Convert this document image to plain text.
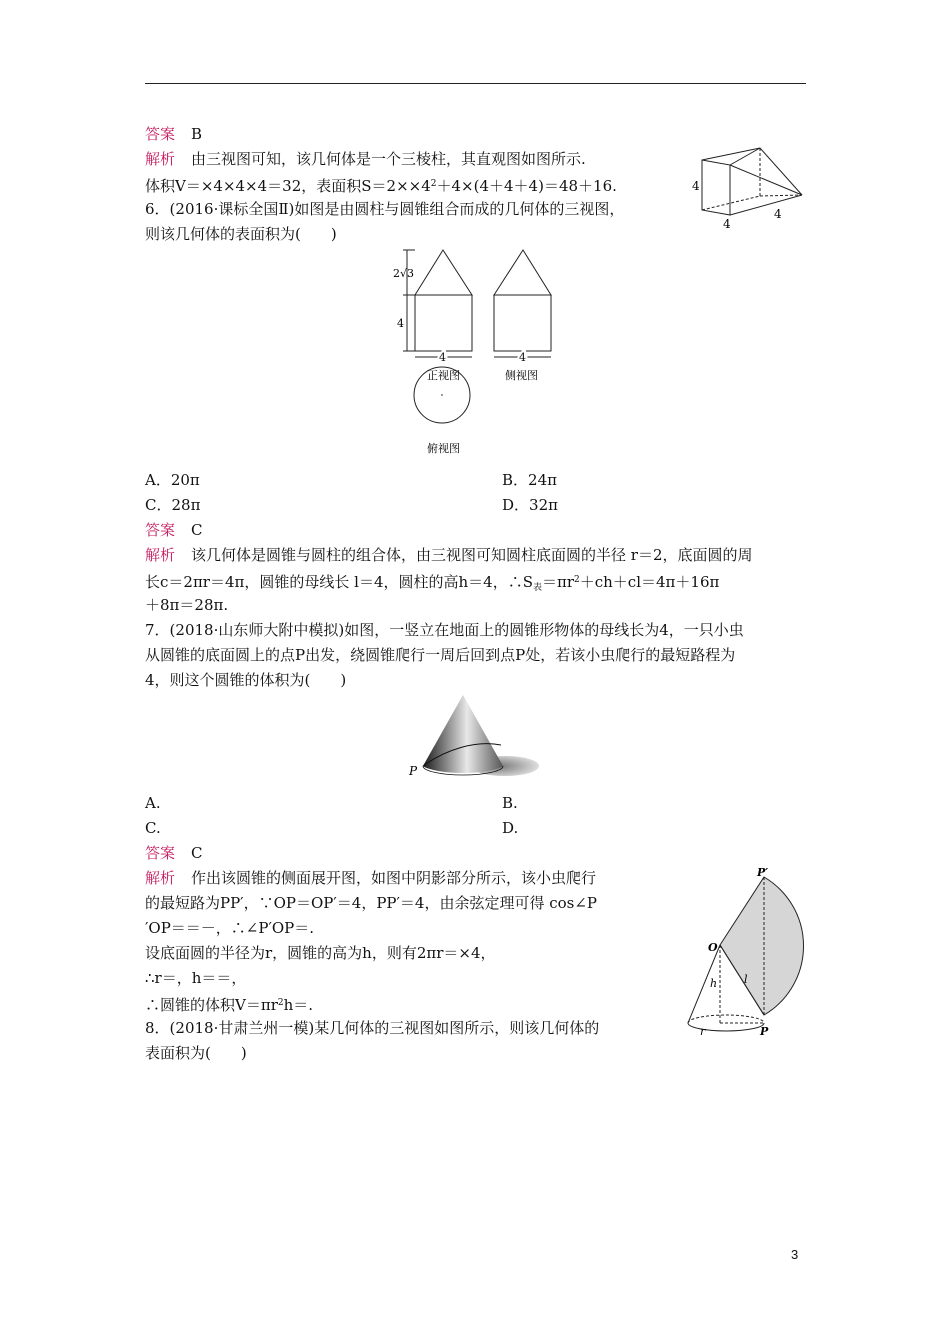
答案 B
解析 由三视图可知，该几何体是一个三棱柱，其直观图如图所示.
体积V＝×4×4×4＝32，表面积$S=2\times\times 4^2+4\times(4+4+4)=48+16$.	4
4
4
6．(2016·课标全国Ⅱ)如图是由圆柱与圆锥组合而成的几何体的三视图，
则该几何体的表面积为(　　)
2√3
4
4	4
正视图	侧视图
俯视图
A．20π	B．24π
C．28π	D．32π
答案 C
解析 该几何体是圆锥与圆柱的组合体，由三视图可知圆柱底面圆的半径 r＝2，底面圆的周
长c＝2πr＝4π，圆锥的母线长 l＝4，圆柱的高h＝4，$\therefore S_表=\pi r^2+ch+cl=4\pi+16\pi$
＋8π＝28π.
7．(2018·山东师大附中模拟)如图，一竖立在地面上的圆锥形物体的母线长为4，一只小虫
从圆锥的底面圆上的点P出发，绕圆锥爬行一周后回到点P处，若该小虫爬行的最短路程为
4，则这个圆锥的体积为(　　)
P
A.	B.
C.	D.
答案 C
解析 作出该圆锥的侧面展开图，如图中阴影部分所示，该小虫爬行
的最短路为PP′，∵OP＝OP′＝4，PP′＝4，由余弦定理可得 cos∠P
′OP＝＝－，∴∠P′OP＝.
设底面圆的半径为r，圆锥的高为h，则有2πr＝×4，
∴r＝，h＝＝，
∴圆锥的体积$V=\pi r^2h=$.
P′
O
h l
r	P
8．(2018·甘肃兰州一模)某几何体的三视图如图所示，则该几何体的
表面积为(　　)
3
